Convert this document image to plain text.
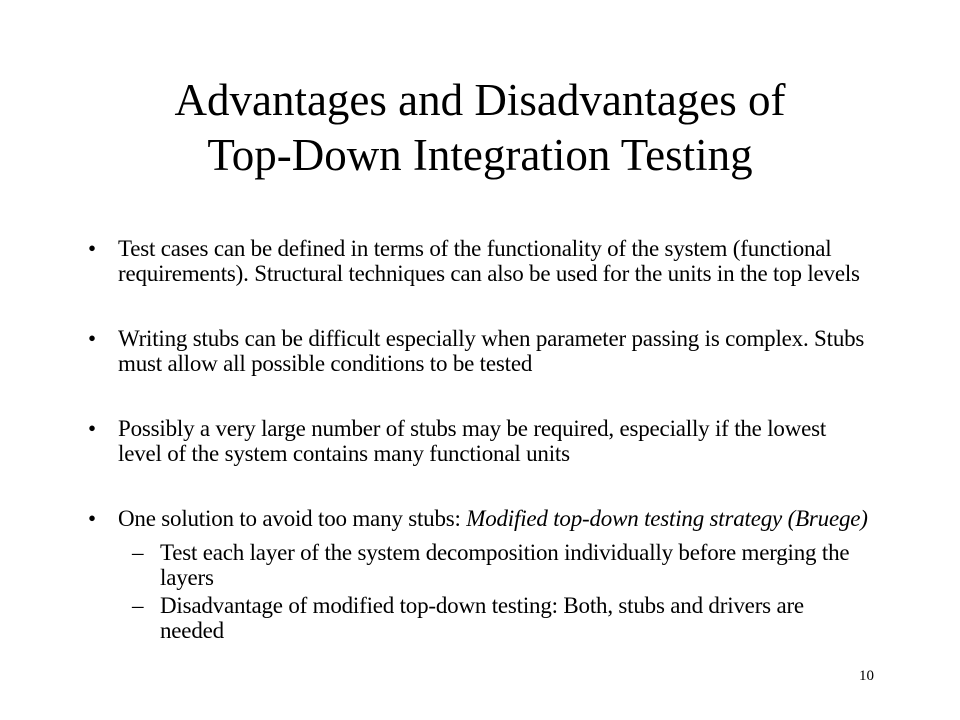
Advantages and Disadvantages of
Top-Down Integration Testing
• Test cases can be defined in terms of the functionality of the system (functional requirements). Structural techniques can also be used for the units in the top levels
• Writing stubs can be difficult especially when parameter passing is complex. Stubs must allow all possible conditions to be tested
• Possibly a very large number of stubs may be required, especially if the lowest level of the system contains many functional units
• One solution to avoid too many stubs: Modified top-down testing strategy (Bruege)
– Test each layer of the system decomposition individually before merging the layers
– Disadvantage of modified top-down testing: Both, stubs and drivers are needed
10
